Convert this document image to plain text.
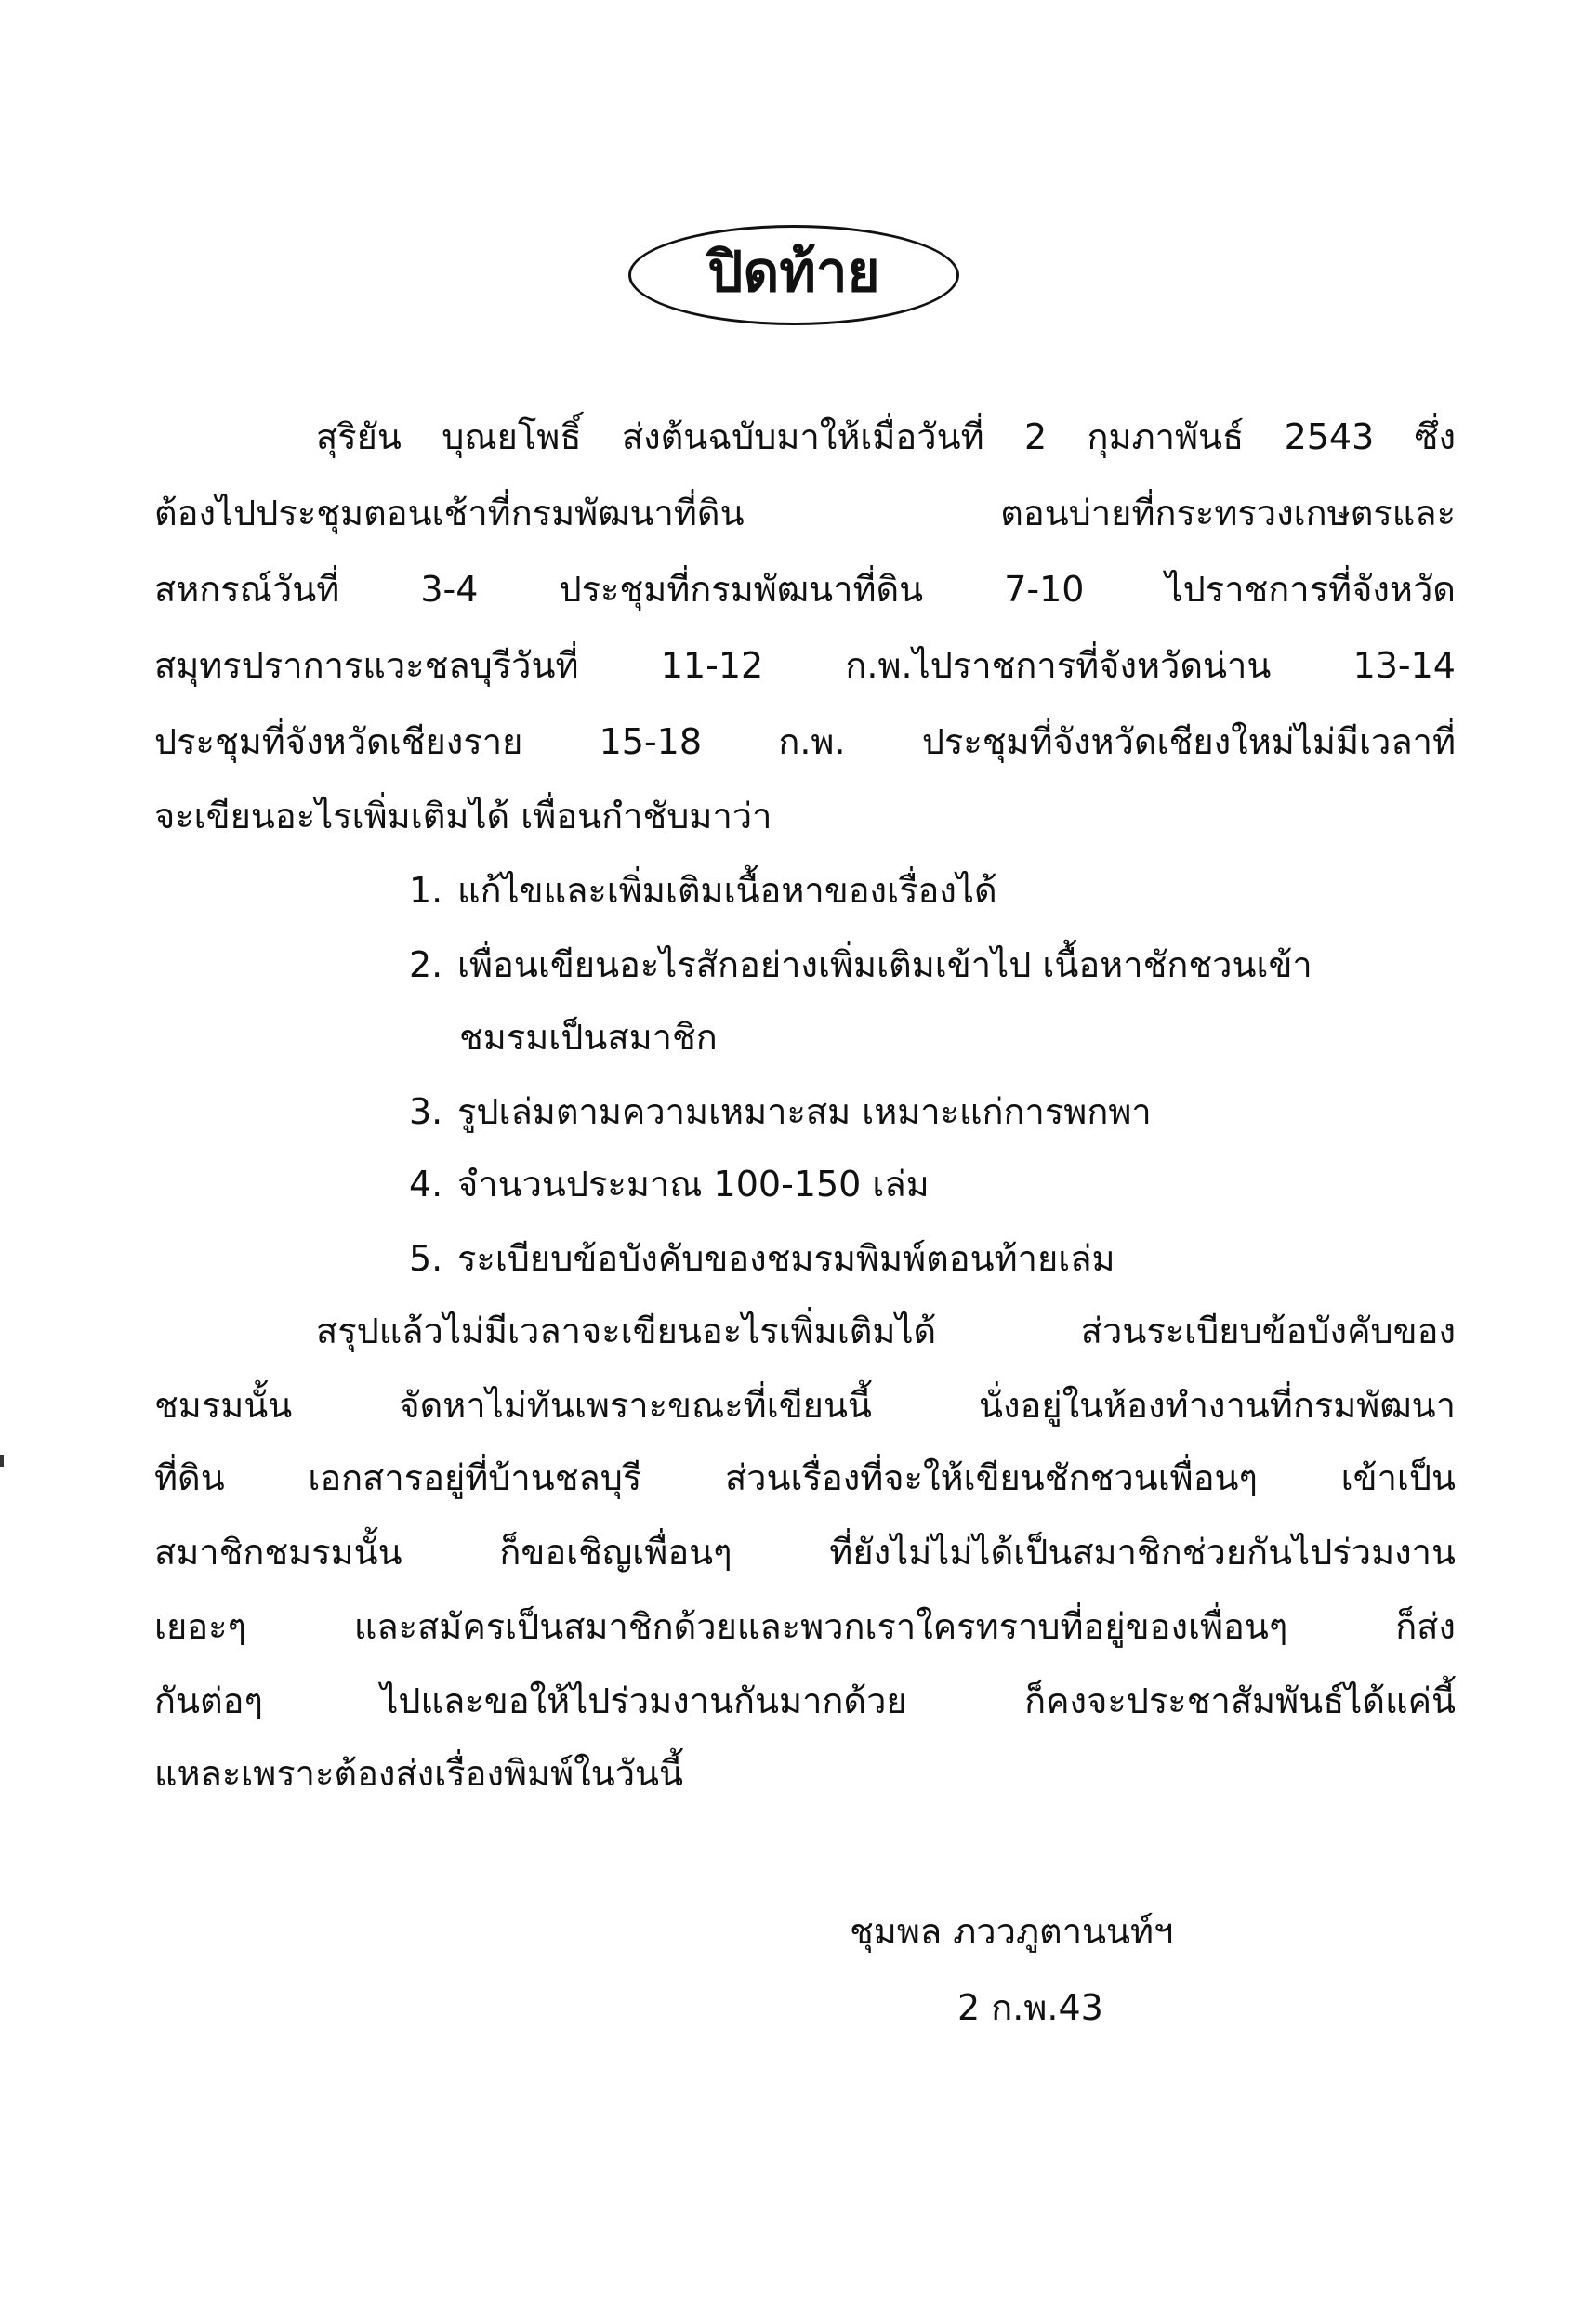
ปิดท้าย
สุริยัน บุณยโพธิ์ ส่งต้นฉบับมาให้เมื่อวันที่ 2 กุมภาพันธ์ 2543 ซึ่ง
ต้องไปประชุมตอนเช้าที่กรมพัฒนาที่ดิน ตอนบ่ายที่กระทรวงเกษตรและ
สหกรณ์วันที่ 3-4 ประชุมที่กรมพัฒนาที่ดิน 7-10 ไปราชการที่จังหวัด
สมุทรปราการแวะชลบุรีวันที่ 11-12 ก.พ.ไปราชการที่จังหวัดน่าน 13-14
ประชุมที่จังหวัดเชียงราย 15-18 ก.พ. ประชุมที่จังหวัดเชียงใหม่ไม่มีเวลาที่
จะเขียนอะไรเพิ่มเติมได้ เพื่อนกำชับมาว่า
1. แก้ไขและเพิ่มเติมเนื้อหาของเรื่องได้
2. เพื่อนเขียนอะไรสักอย่างเพิ่มเติมเข้าไป เนื้อหาชักชวนเข้า
ชมรมเป็นสมาชิก
3. รูปเล่มตามความเหมาะสม เหมาะแก่การพกพา
4. จำนวนประมาณ 100-150 เล่ม
5. ระเบียบข้อบังคับของชมรมพิมพ์ตอนท้ายเล่ม
สรุปแล้วไม่มีเวลาจะเขียนอะไรเพิ่มเติมได้ ส่วนระเบียบข้อบังคับของ
ชมรมนั้น จัดหาไม่ทันเพราะขณะที่เขียนนี้ นั่งอยู่ในห้องทำงานที่กรมพัฒนา
ที่ดิน เอกสารอยู่ที่บ้านชลบุรี ส่วนเรื่องที่จะให้เขียนชักชวนเพื่อนๆ เข้าเป็น
สมาชิกชมรมนั้น ก็ขอเชิญเพื่อนๆ ที่ยังไม่ไม่ได้เป็นสมาชิกช่วยกันไปร่วมงาน
เยอะๆ และสมัครเป็นสมาชิกด้วยและพวกเราใครทราบที่อยู่ของเพื่อนๆ ก็ส่ง
กันต่อๆ ไปและขอให้ไปร่วมงานกันมากด้วย ก็คงจะประชาสัมพันธ์ได้แค่นี้
แหละเพราะต้องส่งเรื่องพิมพ์ในวันนี้
ชุมพล ภววภูตานนท์ฯ
2 ก.พ.43
